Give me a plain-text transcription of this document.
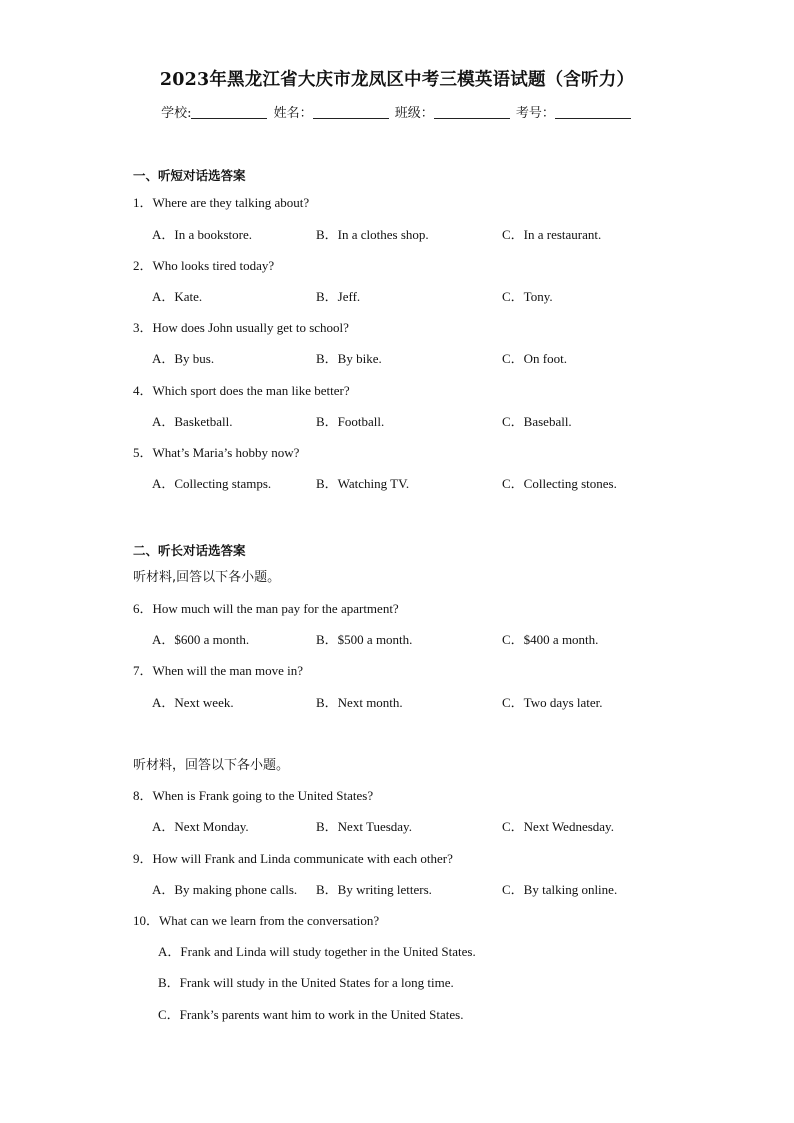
2023年黑龙江省大庆市龙凤区中考三模英语试题（含听力）
学校:	姓名：	班级：	考号：
一、听短对话选答案
1．Where are they talking about?
A．In a bookstore.	B．In a clothes shop.	C．In a restaurant.
2．Who looks tired today?
A．Kate.	B．Jeff.	C．Tony.
3．How does John usually get to school?
A．By bus.	B．By bike.	C．On foot.
4．Which sport does the man like better?
A．Basketball.	B．Football.	C．Baseball.
5．What’s Maria’s hobby now?
A．Collecting stamps.	B．Watching TV.	C．Collecting stones.
二、听长对话选答案
听材料,回答以下各小题。
6．How much will the man pay for the apartment?
A．$600 a month.	B．$500 a month.	C．$400 a month.
7．When will the man move in?
A．Next week.	B．Next month.	C．Two days later.
听材料，回答以下各小题。
8．When is Frank going to the United States?
A．Next Monday.	B．Next Tuesday.	C．Next Wednesday.
9．How will Frank and Linda communicate with each other?
A．By making phone calls. B．By writing letters.	C．By talking online.
10．What can we learn from the conversation?
A．Frank and Linda will study together in the United States.
B．Frank will study in the United States for a long time.
C．Frank’s parents want him to work in the United States.
